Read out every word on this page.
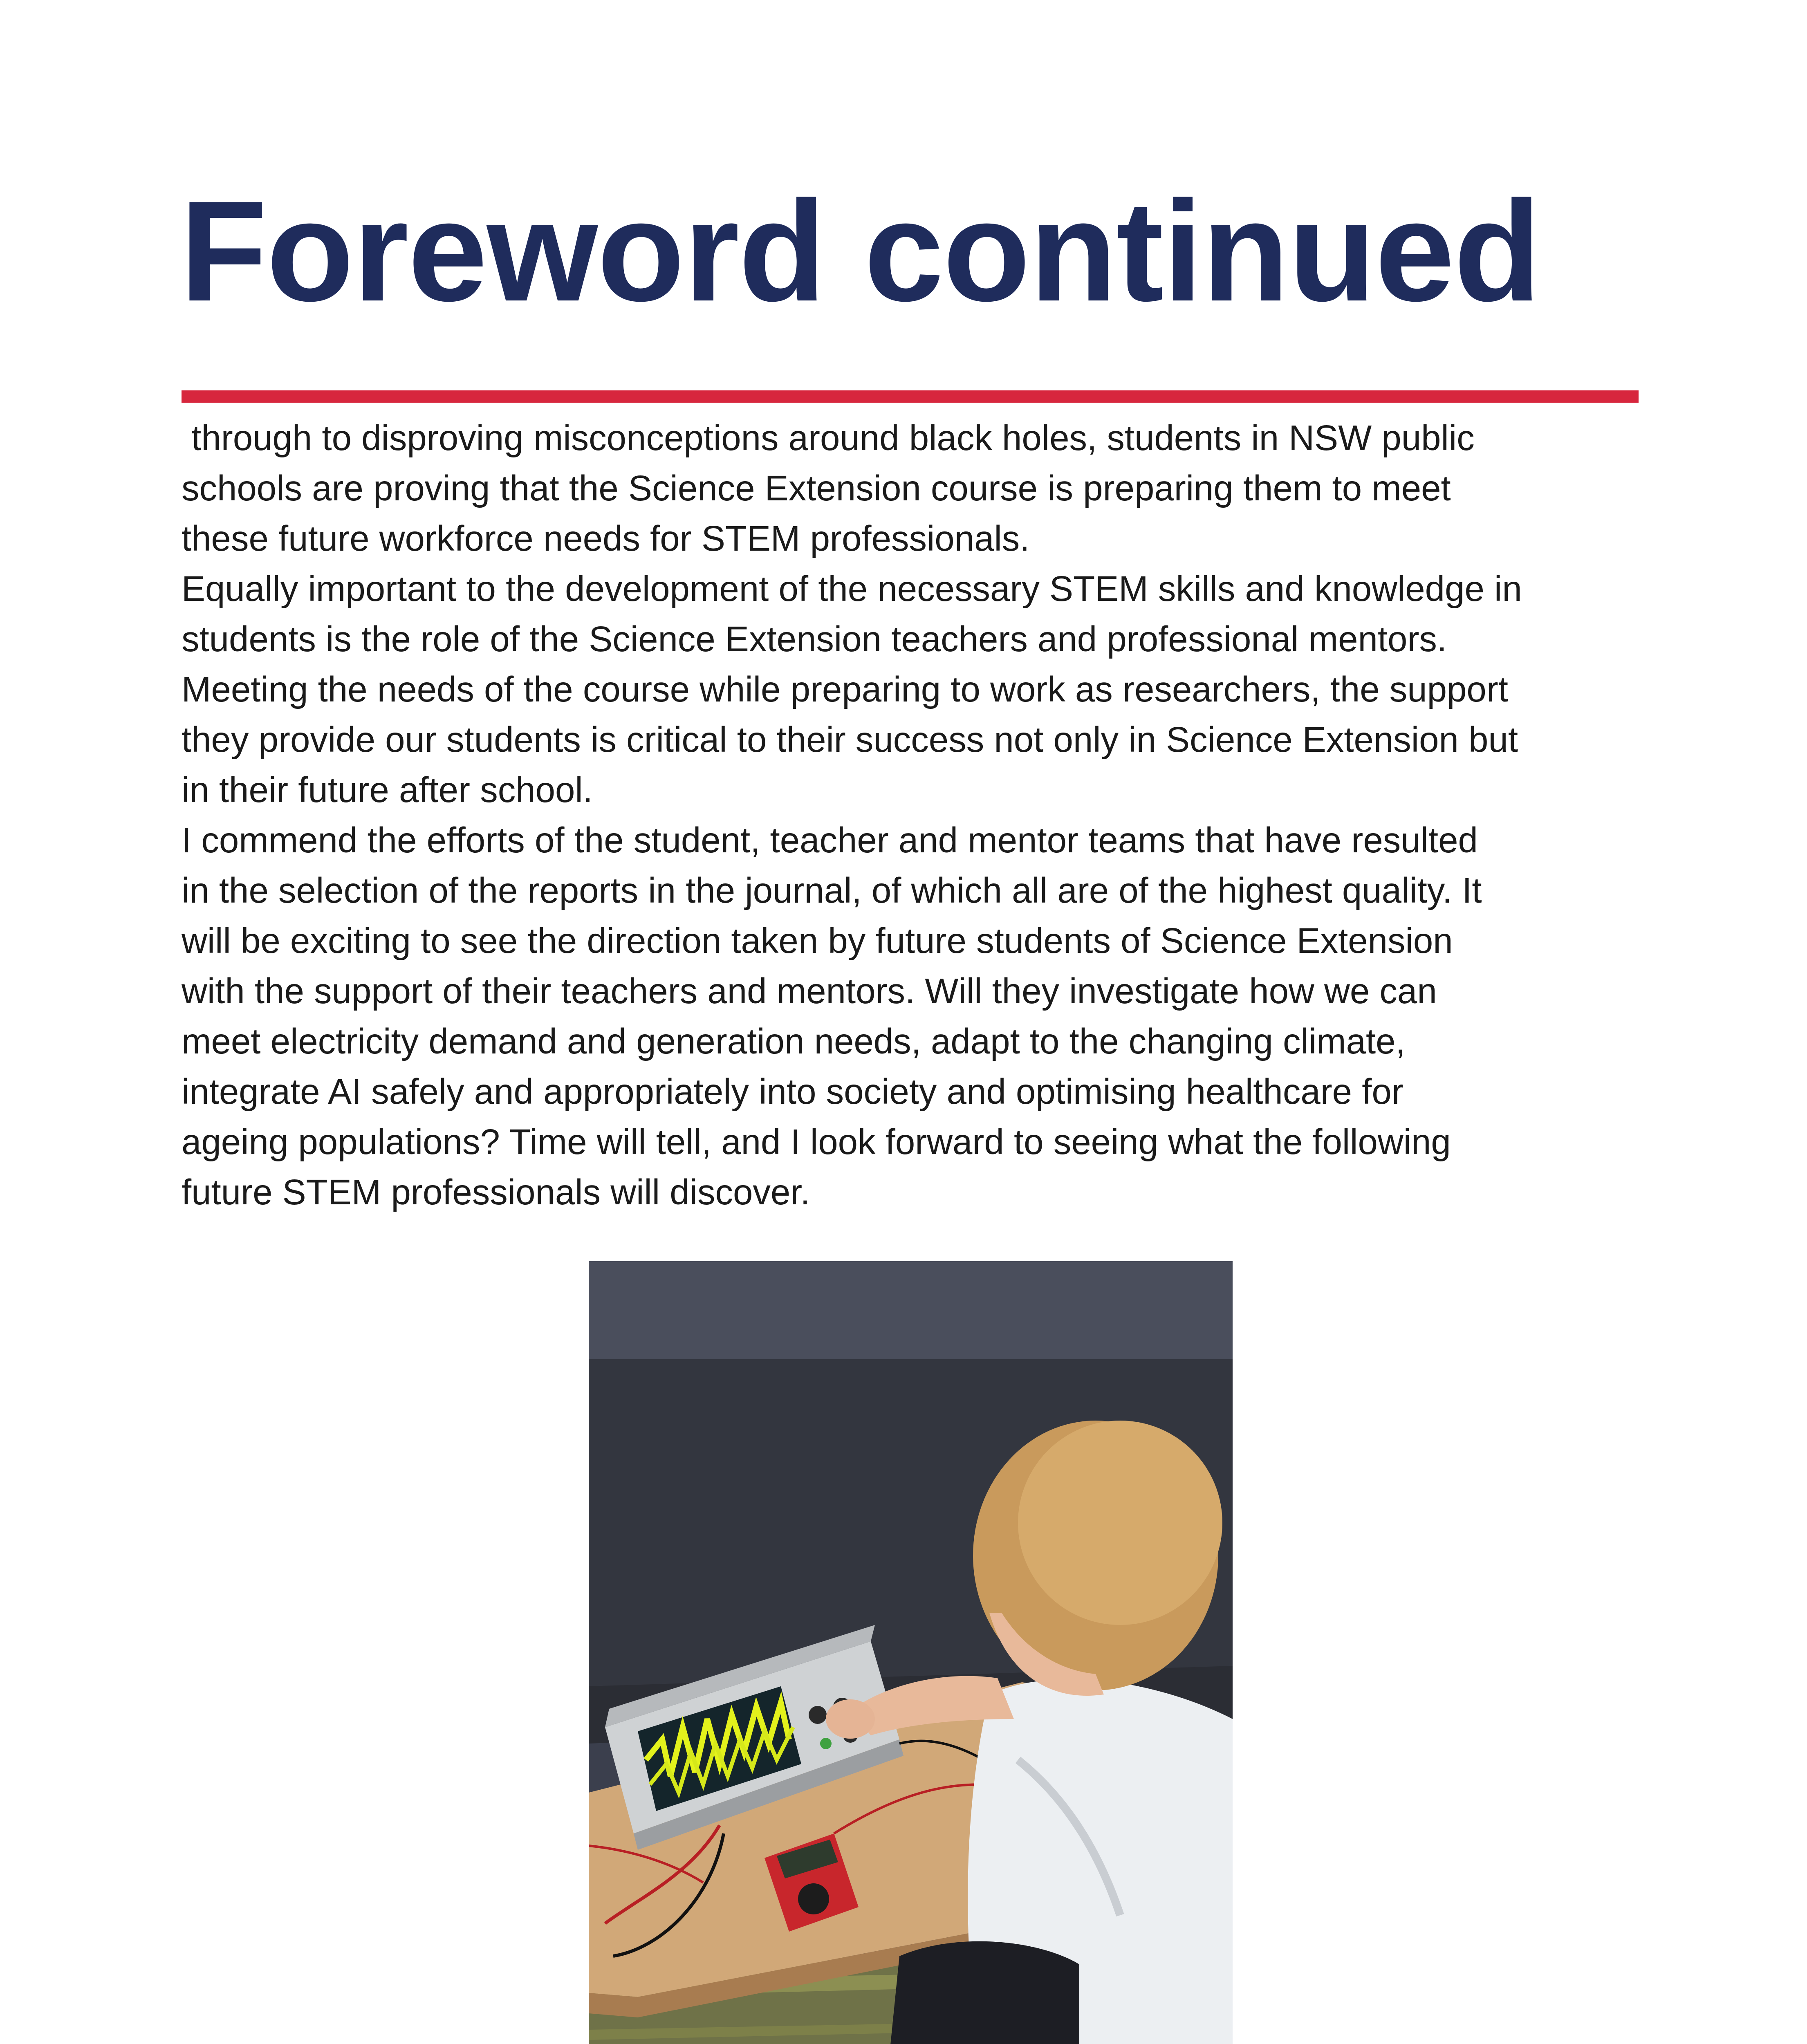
Foreword continued

through to disproving misconceptions around black holes, students in NSW public

schools are proving that the Science Extension course is preparing them to meet

these future workforce needs for STEM professionals.

Equally important to the development of the necessary STEM skills and knowledge in

students is the role of the Science Extension teachers and professional mentors.

Meeting the needs of the course while preparing to work as researchers, the support

they provide our students is critical to their success not only in Science Extension but

in their future after school.

I commend the efforts of the student, teacher and mentor teams that have resulted

in the selection of the reports in the journal, of which all are of the highest quality. It

will be exciting to see the direction taken by future students of Science Extension

with the support of their teachers and mentors. Will they investigate how we can

meet electricity demand and generation needs, adapt to the changing climate,

integrate AI safely and appropriately into society and optimising healthcare for

ageing populations? Time will tell, and I look forward to seeing what the following

future STEM professionals will discover.
